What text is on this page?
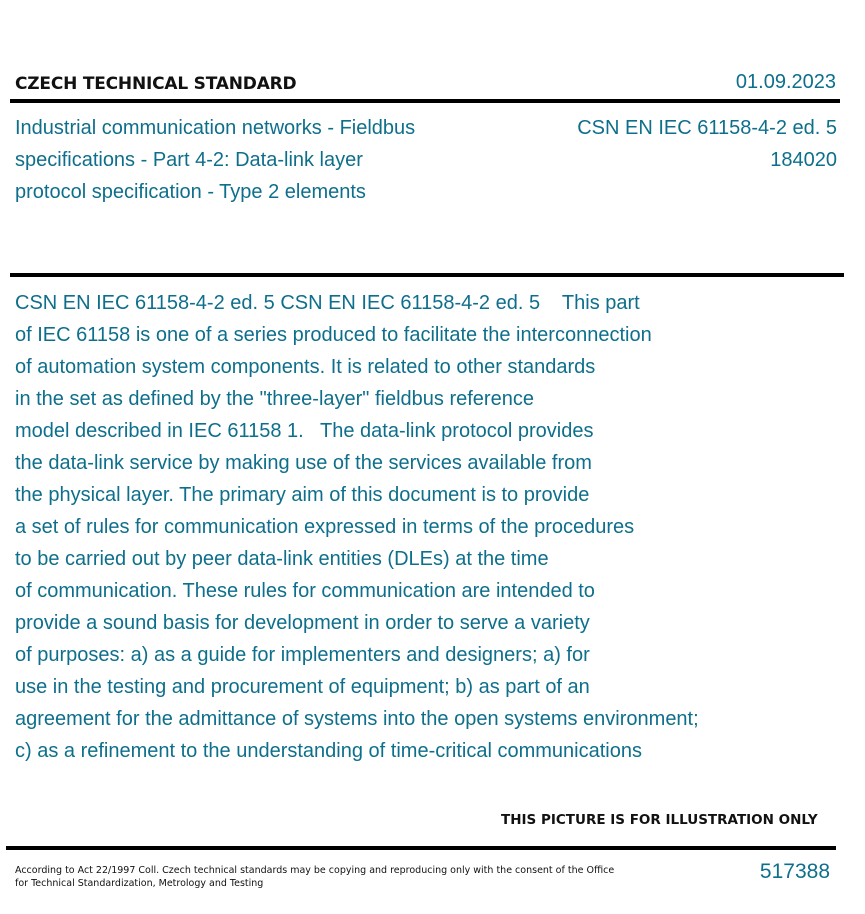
CZECH TECHNICAL STANDARD	01.09.2023
Industrial communication networks - Fieldbus
specifications - Part 4-2: Data-link layer
protocol specification - Type 2 elements
CSN EN IEC 61158-4-2 ed. 5
184020
CSN EN IEC 61158-4-2 ed. 5 CSN EN IEC 61158-4-2 ed. 5    This part
of IEC 61158 is one of a series produced to facilitate the interconnection
of automation system components. It is related to other standards
in the set as defined by the "three-layer" fieldbus reference
model described in IEC 61158 1.   The data-link protocol provides
the data-link service by making use of the services available from
the physical layer. The primary aim of this document is to provide
a set of rules for communication expressed in terms of the procedures
to be carried out by peer data-link entities (DLEs) at the time
of communication. These rules for communication are intended to
provide a sound basis for development in order to serve a variety
of purposes: a) as a guide for implementers and designers; a) for
use in the testing and procurement of equipment; b) as part of an
agreement for the admittance of systems into the open systems environment;
c) as a refinement to the understanding of time-critical communications
THIS PICTURE IS FOR ILLUSTRATION ONLY
According to Act 22/1997 Coll. Czech technical standards may be copying and reproducing only with the consent of the Office
for Technical Standardization, Metrology and Testing
517388
